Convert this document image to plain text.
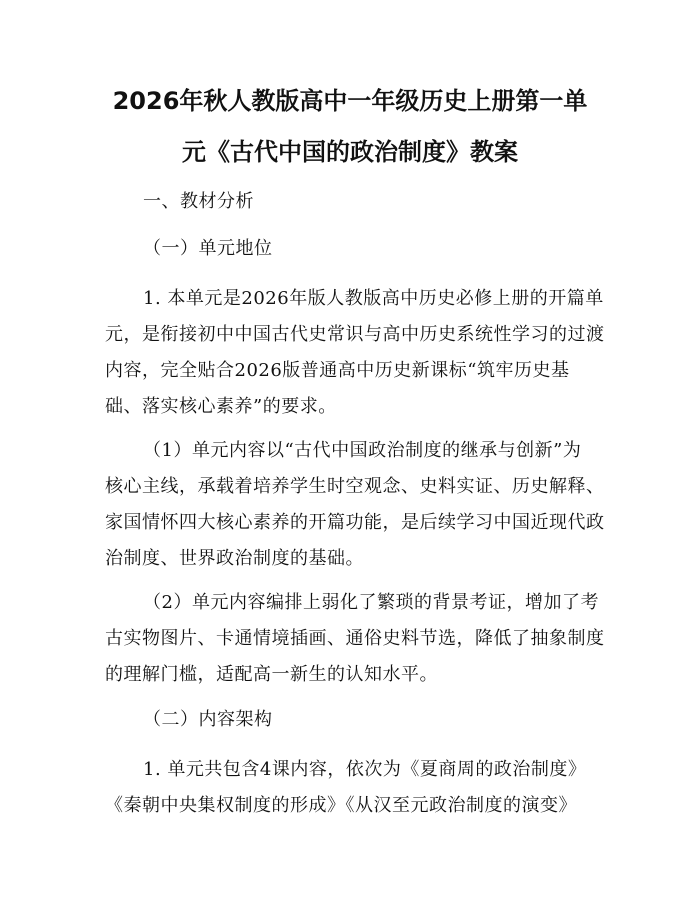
2026年秋人教版高中一年级历史上册第一单
元《古代中国的政治制度》教案
一、教材分析
（一）单元地位
1. 本单元是2026年版人教版高中历史必修上册的开篇单
元，是衔接初中中国古代史常识与高中历史系统性学习的过渡
内容，完全贴合2026版普通高中历史新课标“筑牢历史基
础、落实核心素养”的要求。
（1）单元内容以“古代中国政治制度的继承与创新”为
核心主线，承载着培养学生时空观念、史料实证、历史解释、
家国情怀四大核心素养的开篇功能，是后续学习中国近现代政
治制度、世界政治制度的基础。
（2）单元内容编排上弱化了繁琐的背景考证，增加了考
古实物图片、卡通情境插画、通俗史料节选，降低了抽象制度
的理解门槛，适配高一新生的认知水平。
（二）内容架构
1. 单元共包含4课内容，依次为《夏商周的政治制度》
《秦朝中央集权制度的形成》《从汉至元政治制度的演变》
